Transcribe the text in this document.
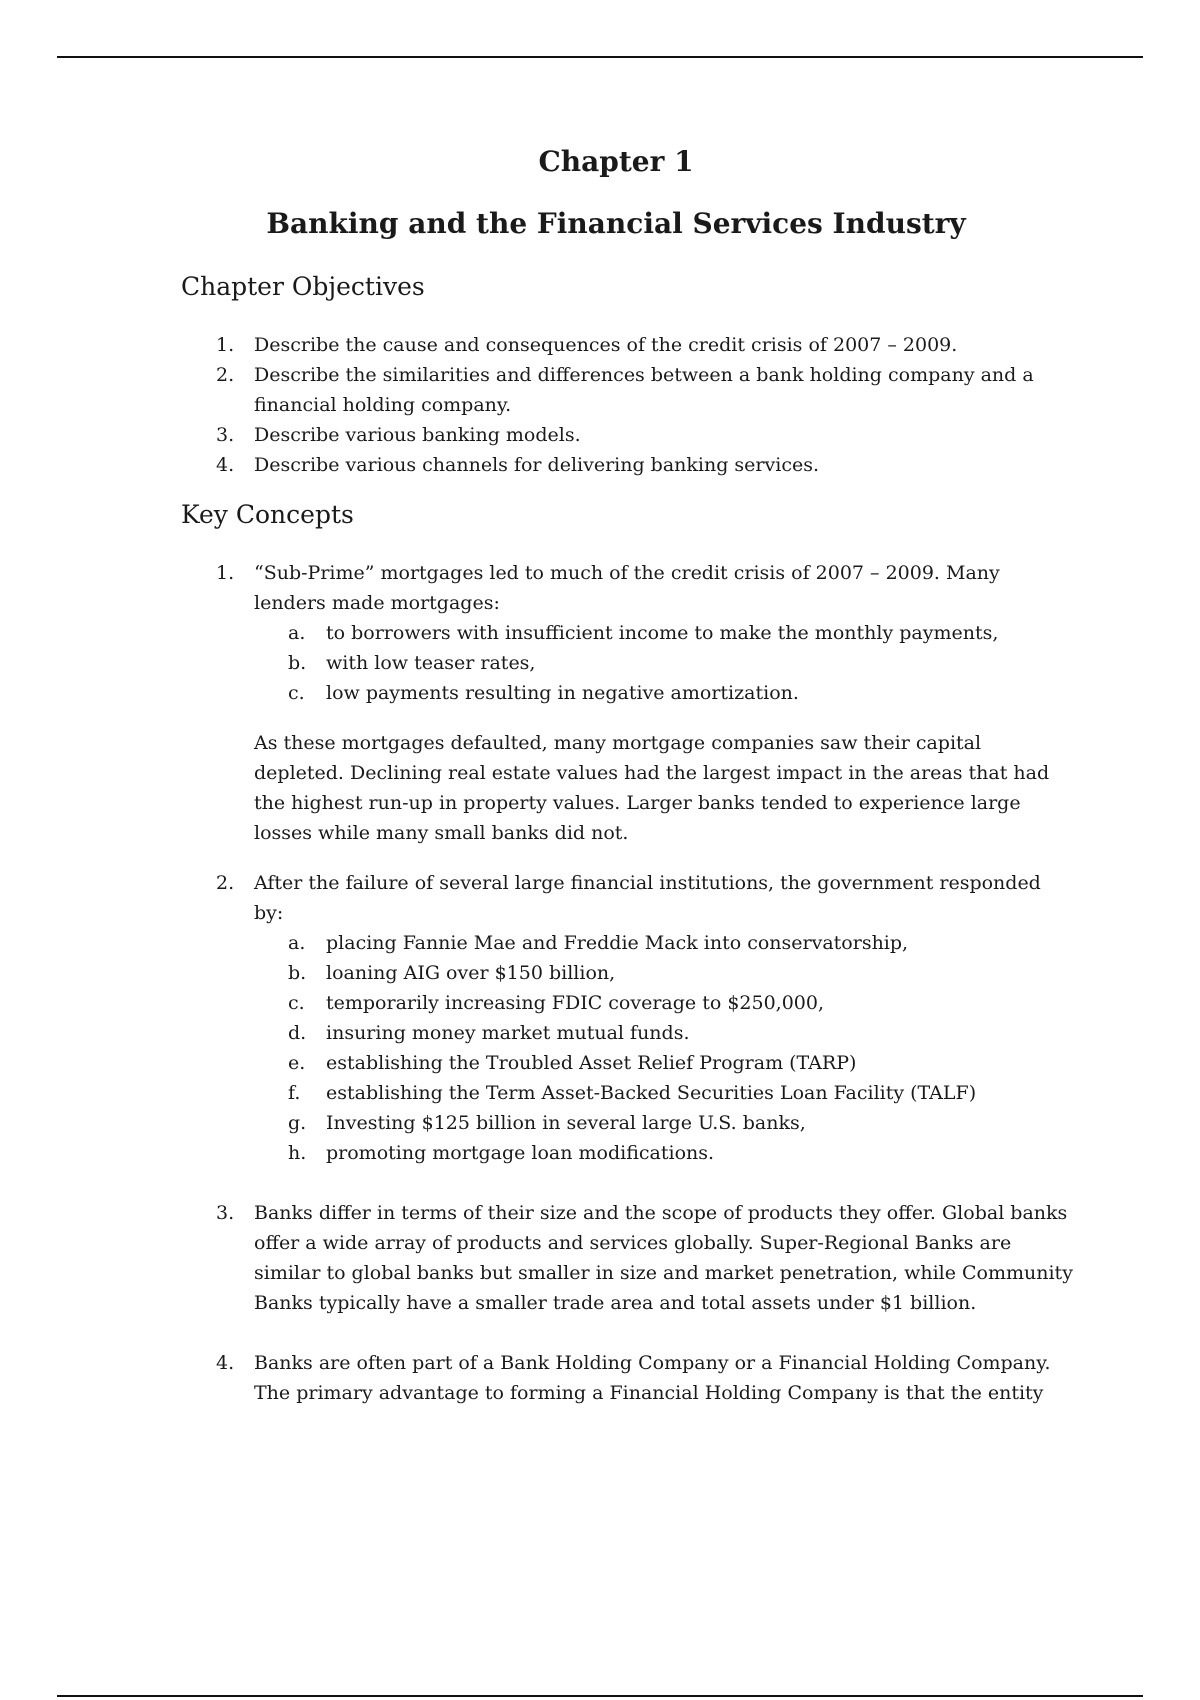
Chapter 1
Banking and the Financial Services Industry
Chapter Objectives
1. Describe the cause and consequences of the credit crisis of 2007 – 2009.
2. Describe the similarities and differences between a bank holding company and a financial holding company.
3. Describe various banking models.
4. Describe various channels for delivering banking services.
Key Concepts
1. “Sub-Prime” mortgages led to much of the credit crisis of 2007 – 2009. Many lenders made mortgages:
a. to borrowers with insufficient income to make the monthly payments,
b. with low teaser rates,
c. low payments resulting in negative amortization.

As these mortgages defaulted, many mortgage companies saw their capital depleted. Declining real estate values had the largest impact in the areas that had the highest run-up in property values. Larger banks tended to experience large losses while many small banks did not.

2. After the failure of several large financial institutions, the government responded by:
a. placing Fannie Mae and Freddie Mack into conservatorship,
b. loaning AIG over $150 billion,
c. temporarily increasing FDIC coverage to $250,000,
d. insuring money market mutual funds.
e. establishing the Troubled Asset Relief Program (TARP)
f. establishing the Term Asset-Backed Securities Loan Facility (TALF)
g. Investing $125 billion in several large U.S. banks,
h. promoting mortgage loan modifications.
3. Banks differ in terms of their size and the scope of products they offer. Global banks offer a wide array of products and services globally. Super-Regional Banks are similar to global banks but smaller in size and market penetration, while Community Banks typically have a smaller trade area and total assets under $1 billion.
4. Banks are often part of a Bank Holding Company or a Financial Holding Company. The primary advantage to forming a Financial Holding Company is that the entity
